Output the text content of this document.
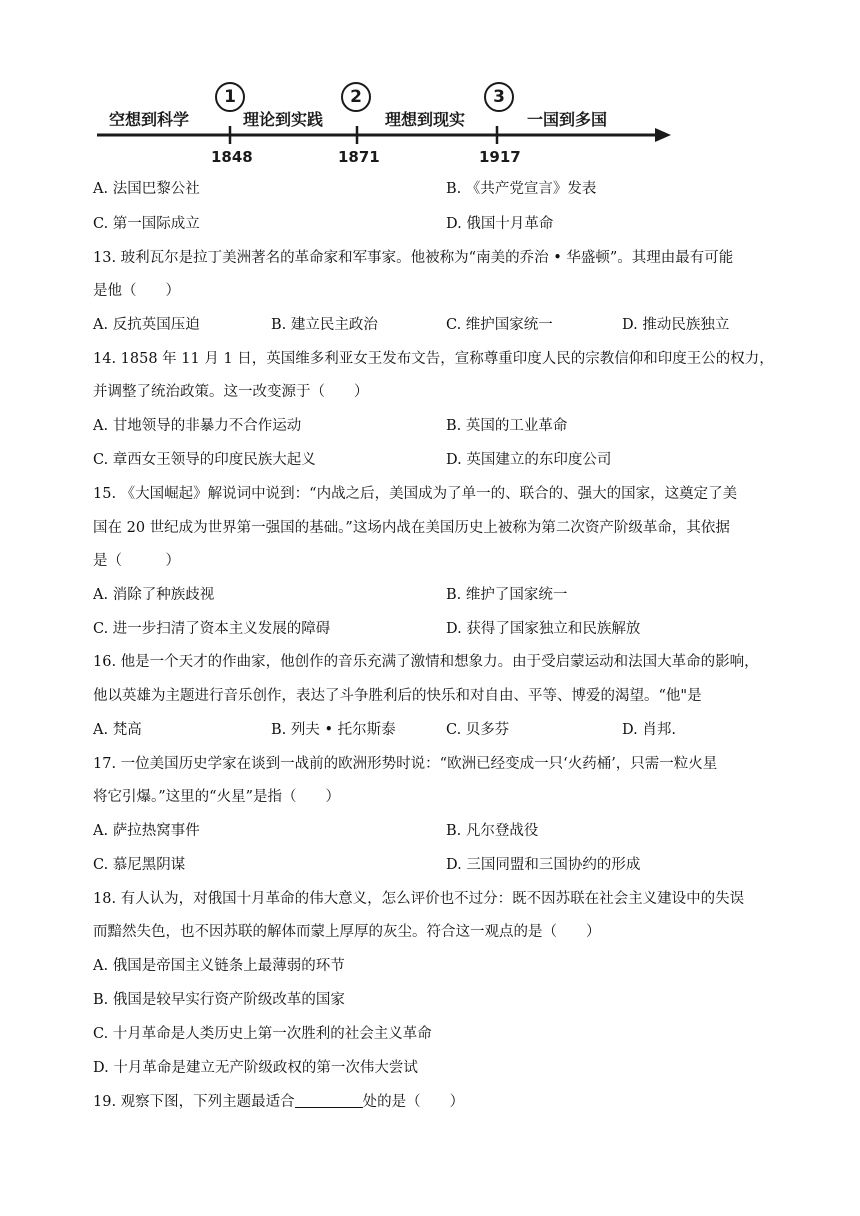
空想到科学	理论到实践	理想到现实	一国到多国
1	2	3
1848	1871	1917
A. 法国巴黎公社	B. 《共产党宣言》发表
C. 第一国际成立	D. 俄国十月革命
13. 玻利瓦尔是拉丁美洲著名的革命家和军事家。他被称为“南美的乔治 • 华盛顿”。其理由最有可能
是他（　　）
A. 反抗英国压迫	B. 建立民主政治	C. 维护国家统一	D. 推动民族独立
14. 1858 年 11 月 1 日，英国维多利亚女王发布文告，宣称尊重印度人民的宗教信仰和印度王公的权力，
并调整了统治政策。这一改变源于（　　）
A. 甘地领导的非暴力不合作运动	B. 英国的工业革命
C. 章西女王领导的印度民族大起义	D. 英国建立的东印度公司
15. 《大国崛起》解说词中说到：“内战之后，美国成为了单一的、联合的、强大的国家，这奠定了美
国在 20 世纪成为世界第一强国的基础。”这场内战在美国历史上被称为第二次资产阶级革命，其依据
是（　　　）
A. 消除了种族歧视	B. 维护了国家统一
C. 进一步扫清了资本主义发展的障碍	D. 获得了国家独立和民族解放
16. 他是一个天才的作曲家，他创作的音乐充满了激情和想象力。由于受启蒙运动和法国大革命的影响，
他以英雄为主题进行音乐创作，表达了斗争胜利后的快乐和对自由、平等、博爱的渴望。“他"是
A. 梵高	B. 列夫 • 托尔斯泰	C. 贝多芬	D. 肖邦.
17. 一位美国历史学家在谈到一战前的欧洲形势时说：“欧洲已经变成一只‘火药桶’，只需一粒火星
将它引爆。”这里的“火星”是指（　　）
A. 萨拉热窝事件	B. 凡尔登战役
C. 慕尼黑阴谋	D. 三国同盟和三国协约的形成
18. 有人认为，对俄国十月革命的伟大意义，怎么评价也不过分：既不因苏联在社会主义建设中的失误
而黯然失色，也不因苏联的解体而蒙上厚厚的灰尘。符合这一观点的是（　　）
A. 俄国是帝国主义链条上最薄弱的环节
B. 俄国是较早实行资产阶级改革的国家
C. 十月革命是人类历史上第一次胜利的社会主义革命
D. 十月革命是建立无产阶级政权的第一次伟大尝试
19. 观察下图，下列主题最适合	处的是（　　）
